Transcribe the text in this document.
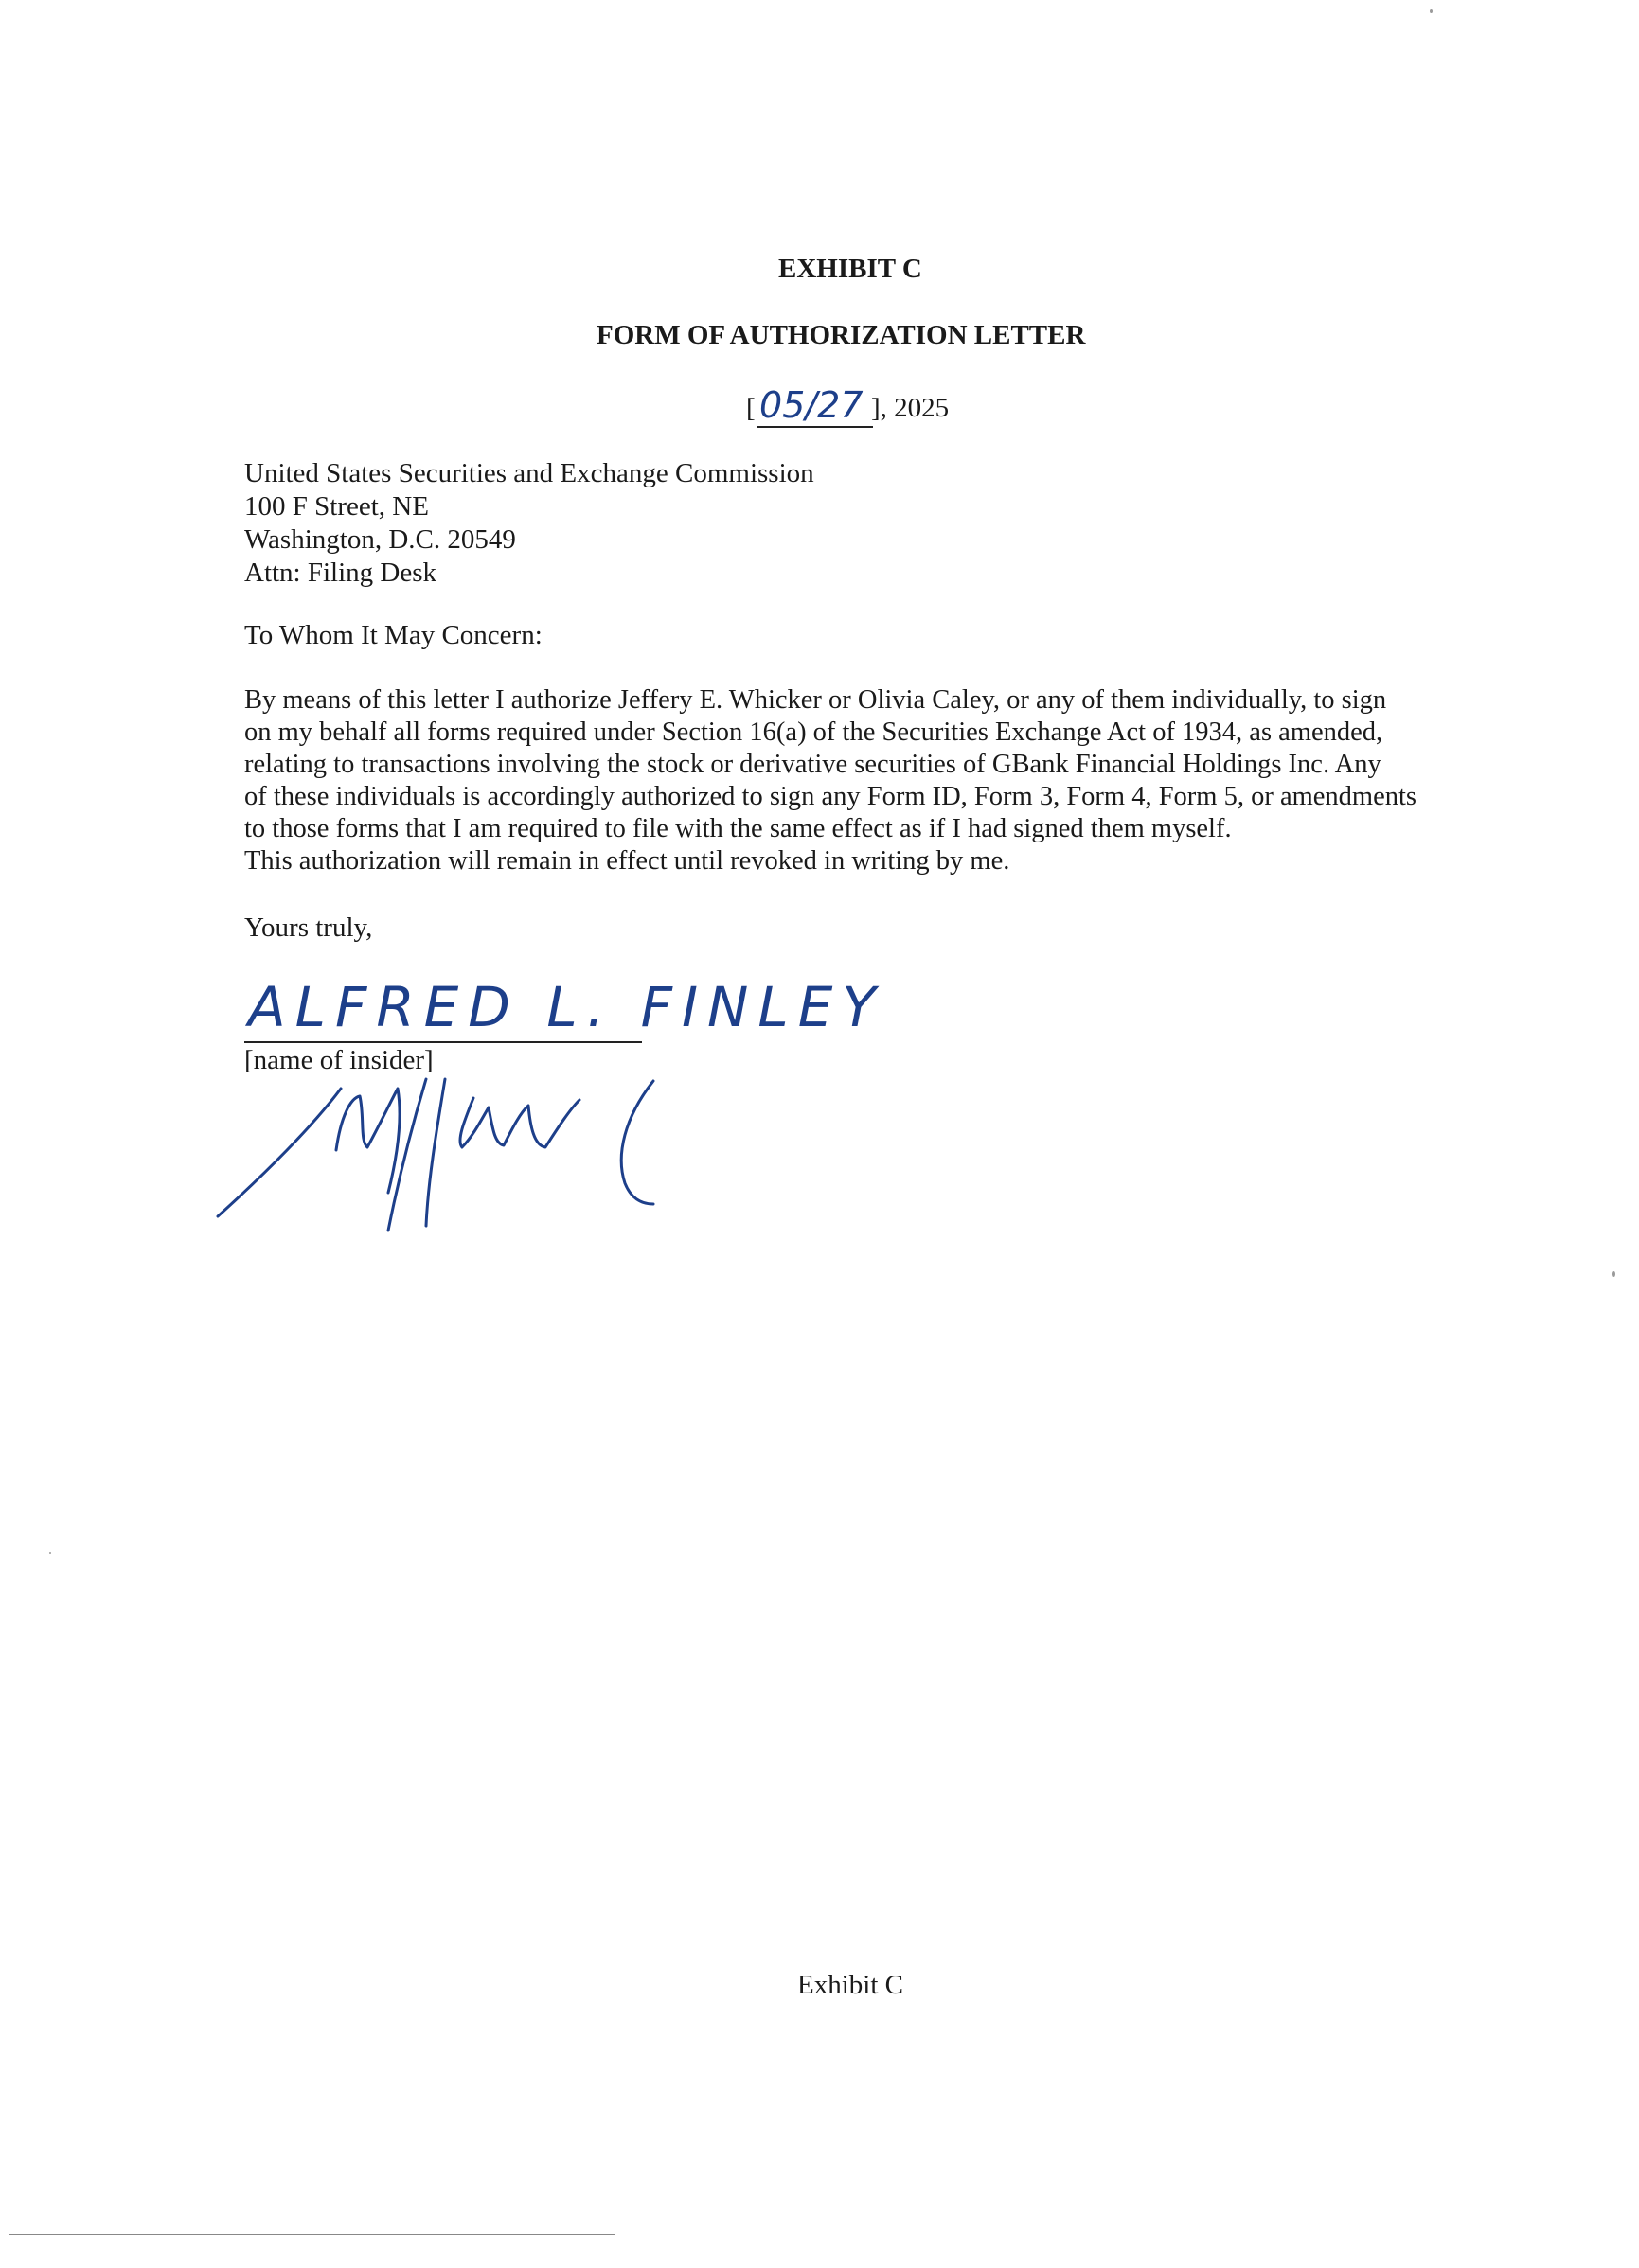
EXHIBIT C
FORM OF AUTHORIZATION LETTER
[ 05/27 ], 2025
United States Securities and Exchange Commission
100 F Street, NE
Washington, D.C. 20549
Attn: Filing Desk
To Whom It May Concern:
By means of this letter I authorize Jeffery E. Whicker or Olivia Caley, or any of them individually, to sign
on my behalf all forms required under Section 16(a) of the Securities Exchange Act of 1934, as amended,
relating to transactions involving the stock or derivative securities of GBank Financial Holdings Inc. Any
of these individuals is accordingly authorized to sign any Form ID, Form 3, Form 4, Form 5, or amendments
to those forms that I am required to file with the same effect as if I had signed them myself.
This authorization will remain in effect until revoked in writing by me.
Yours truly,
ALFRED L. FINLEY
[name of insider]
Exhibit C
